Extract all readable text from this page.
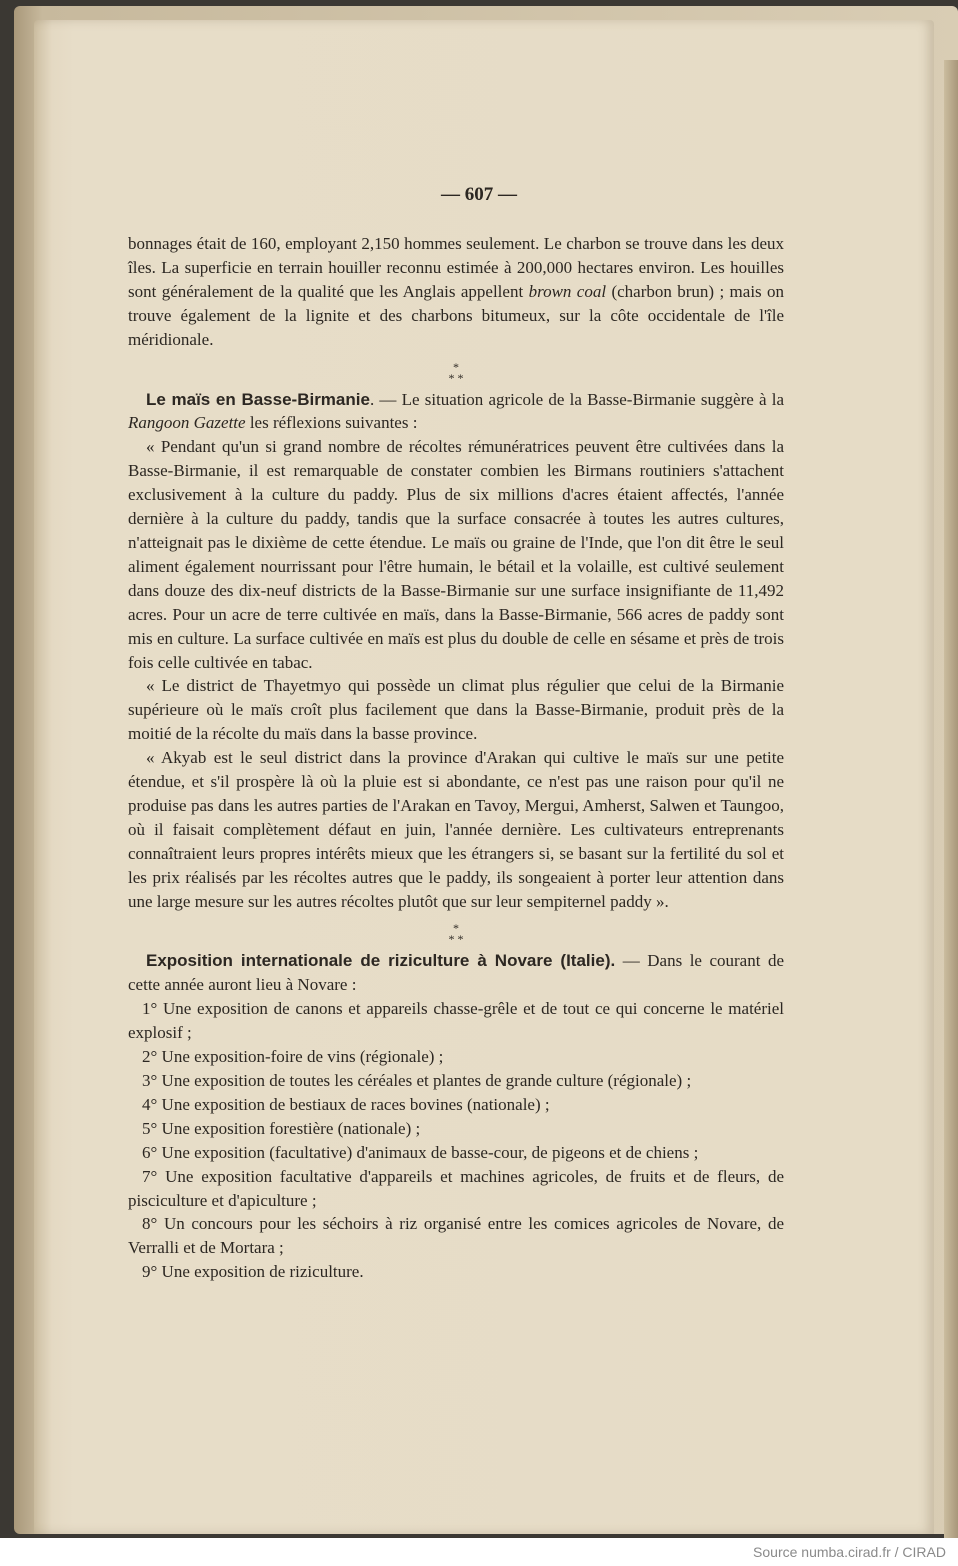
— 607 —

bonnages était de 160, employant 2,150 hommes seulement. Le charbon se trouve dans les deux îles. La superficie en terrain houiller reconnu estimée à 200,000 hectares environ. Les houilles sont généralement de la qualité que les Anglais appellent brown coal (charbon brun) ; mais on trouve également de la lignite et des charbons bitumeux, sur la côte occidentale de l'île méridionale.

*
* *

Le maïs en Basse-Birmanie. — Le situation agricole de la Basse-Birmanie suggère à la Rangoon Gazette les réflexions suivantes :

« Pendant qu'un si grand nombre de récoltes rémunératrices peuvent être cultivées dans la Basse-Birmanie, il est remarquable de constater combien les Birmans routiniers s'attachent exclusivement à la culture du paddy. Plus de six millions d'acres étaient affectés, l'année dernière à la culture du paddy, tandis que la surface consacrée à toutes les autres cultures, n'atteignait pas le dixième de cette étendue. Le maïs ou graine de l'Inde, que l'on dit être le seul aliment également nourrissant pour l'être humain, le bétail et la volaille, est cultivé seulement dans douze des dix-neuf districts de la Basse-Birmanie sur une surface insignifiante de 11,492 acres. Pour un acre de terre cultivée en maïs, dans la Basse-Birmanie, 566 acres de paddy sont mis en culture. La surface cultivée en maïs est plus du double de celle en sésame et près de trois fois celle cultivée en tabac.

« Le district de Thayetmyo qui possède un climat plus régulier que celui de la Birmanie supérieure où le maïs croît plus facilement que dans la Basse-Birmanie, produit près de la moitié de la récolte du maïs dans la basse province.

« Akyab est le seul district dans la province d'Arakan qui cultive le maïs sur une petite étendue, et s'il prospère là où la pluie est si abondante, ce n'est pas une raison pour qu'il ne produise pas dans les autres parties de l'Arakan en Tavoy, Mergui, Amherst, Salwen et Taungoo, où il faisait complètement défaut en juin, l'année dernière. Les cultivateurs entreprenants connaîtraient leurs propres intérêts mieux que les étrangers si, se basant sur la fertilité du sol et les prix réalisés par les récoltes autres que le paddy, ils songeaient à porter leur attention dans une large mesure sur les autres récoltes plutôt que sur leur sempiternel paddy ».

*
* *

Exposition internationale de riziculture à Novare (Italie). — Dans le courant de cette année auront lieu à Novare :

1° Une exposition de canons et appareils chasse-grêle et de tout ce qui concerne le matériel explosif ;

2° Une exposition-foire de vins (régionale) ;

3° Une exposition de toutes les céréales et plantes de grande culture (régionale) ;

4° Une exposition de bestiaux de races bovines (nationale) ;

5° Une exposition forestière (nationale) ;

6° Une exposition (facultative) d'animaux de basse-cour, de pigeons et de chiens ;

7° Une exposition facultative d'appareils et machines agricoles, de fruits et de fleurs, de pisciculture et d'apiculture ;

8° Un concours pour les séchoirs à riz organisé entre les comices agricoles de Novare, de Verralli et de Mortara ;

9° Une exposition de riziculture.

Source numba.cirad.fr / CIRAD
